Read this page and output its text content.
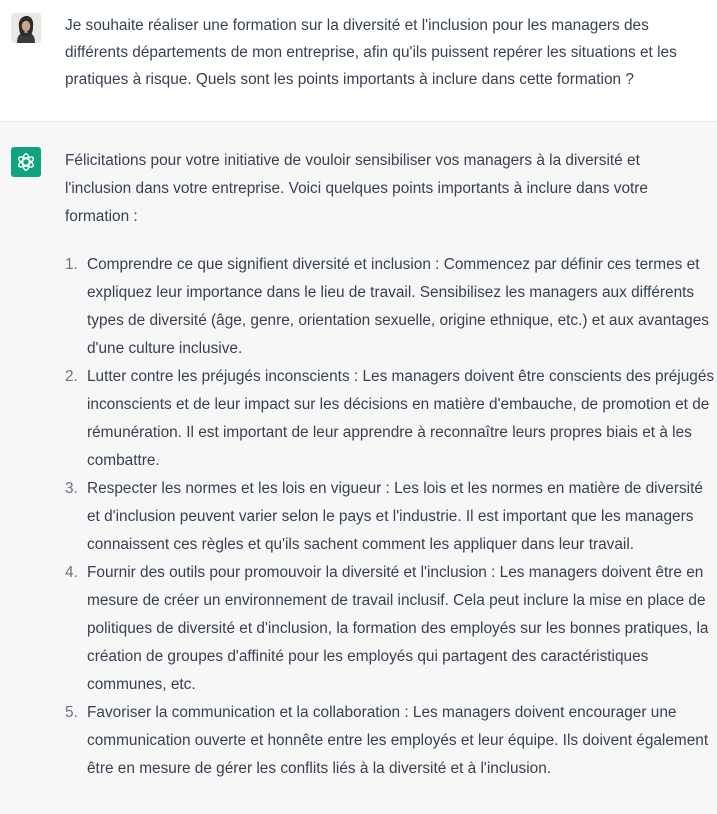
Je souhaite réaliser une formation sur la diversité et l'inclusion pour les managers des différents départements de mon entreprise, afin qu'ils puissent repérer les situations et les pratiques à risque. Quels sont les points importants à inclure dans cette formation ?

Félicitations pour votre initiative de vouloir sensibiliser vos managers à la diversité et l'inclusion dans votre entreprise. Voici quelques points importants à inclure dans votre formation :

1. Comprendre ce que signifient diversité et inclusion : Commencez par définir ces termes et expliquez leur importance dans le lieu de travail. Sensibilisez les managers aux différents types de diversité (âge, genre, orientation sexuelle, origine ethnique, etc.) et aux avantages d'une culture inclusive.
2. Lutter contre les préjugés inconscients : Les managers doivent être conscients des préjugés inconscients et de leur impact sur les décisions en matière d'embauche, de promotion et de rémunération. Il est important de leur apprendre à reconnaître leurs propres biais et à les combattre.
3. Respecter les normes et les lois en vigueur : Les lois et les normes en matière de diversité et d'inclusion peuvent varier selon le pays et l'industrie. Il est important que les managers connaissent ces règles et qu'ils sachent comment les appliquer dans leur travail.
4. Fournir des outils pour promouvoir la diversité et l'inclusion : Les managers doivent être en mesure de créer un environnement de travail inclusif. Cela peut inclure la mise en place de politiques de diversité et d'inclusion, la formation des employés sur les bonnes pratiques, la création de groupes d'affinité pour les employés qui partagent des caractéristiques communes, etc.
5. Favoriser la communication et la collaboration : Les managers doivent encourager une communication ouverte et honnête entre les employés et leur équipe. Ils doivent également être en mesure de gérer les conflits liés à la diversité et à l'inclusion.
